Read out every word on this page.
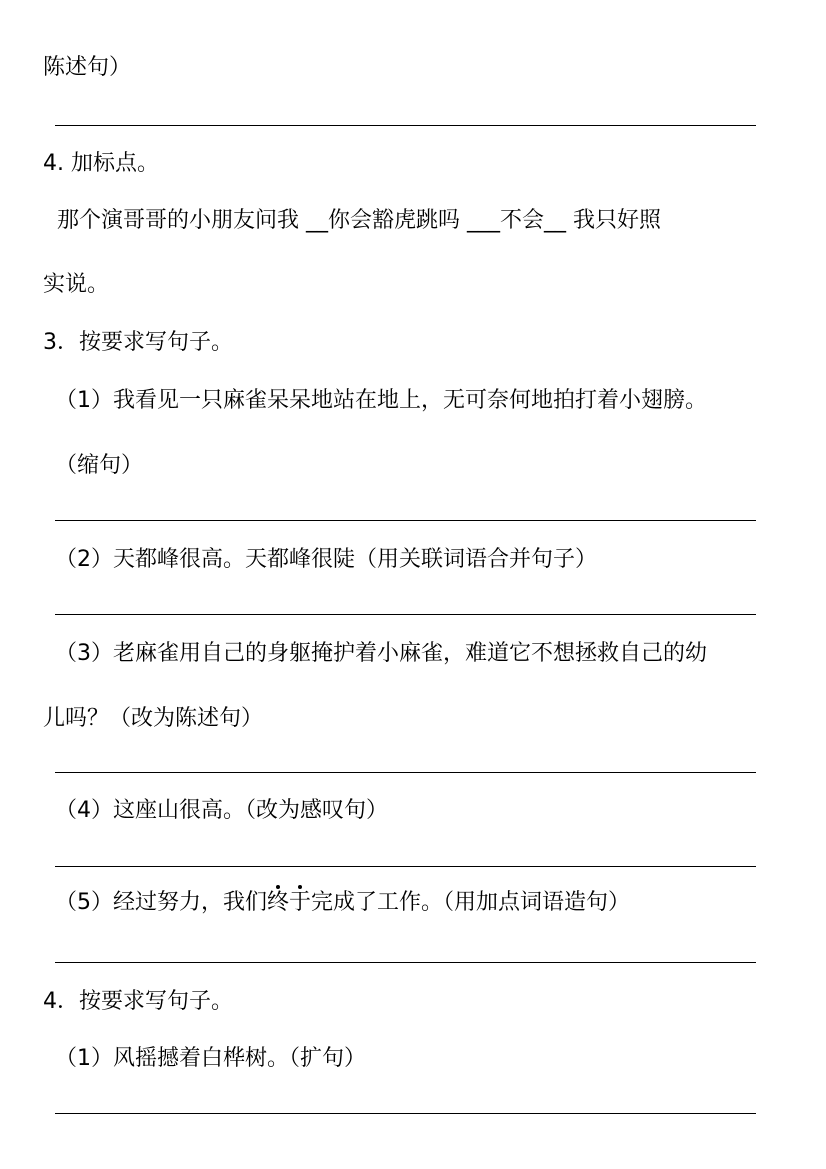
陈述句）
4. 加标点。
那个演哥哥的小朋友问我 __你会豁虎跳吗 ___不会__ 我只好照
实说。
3．按要求写句子。
（1）我看见一只麻雀呆呆地站在地上，无可奈何地拍打着小翅膀。
（缩句）
（2）天都峰很高。天都峰很陡（用关联词语合并句子）
（3）老麻雀用自己的身躯掩护着小麻雀，难道它不想拯救自己的幼
儿吗？（改为陈述句）
（4）这座山很高。（改为感叹句）
（5）经过努力，我们终于完成了工作。（用加点词语造句）
4．按要求写句子。
（1）风摇撼着白桦树。（扩句）
